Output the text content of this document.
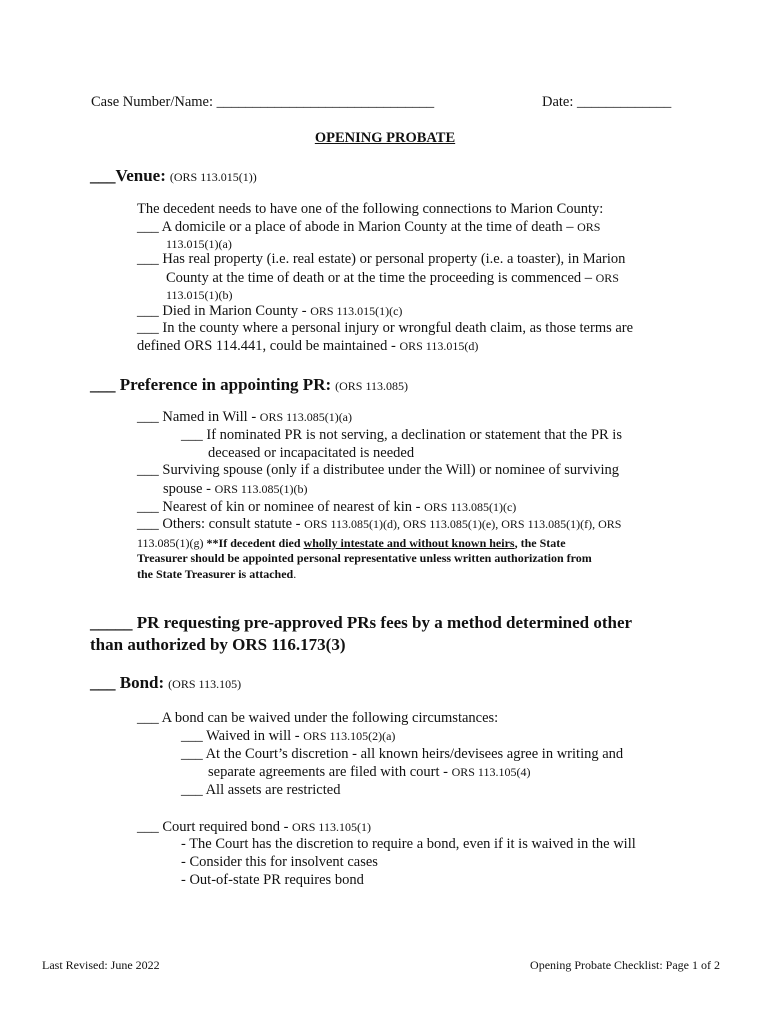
Case Number/Name: ______________________________	Date: _____________
OPENING PROBATE
___Venue: (ORS 113.015(1))
The decedent needs to have one of the following connections to Marion County:
___ A domicile or a place of abode in Marion County at the time of death – ORS
113.015(1)(a)
___ Has real property (i.e. real estate) or personal property (i.e. a toaster), in Marion
County at the time of death or at the time the proceeding is commenced – ORS
113.015(1)(b)
___ Died in Marion County - ORS 113.015(1)(c)
___ In the county where a personal injury or wrongful death claim, as those terms are
defined ORS 114.441, could be maintained - ORS 113.015(d)
___ Preference in appointing PR: (ORS 113.085)
___ Named in Will - ORS 113.085(1)(a)
___ If nominated PR is not serving, a declination or statement that the PR is
deceased or incapacitated is needed
___ Surviving spouse (only if a distributee under the Will) or nominee of surviving
spouse - ORS 113.085(1)(b)
___ Nearest of kin or nominee of nearest of kin - ORS 113.085(1)(c)
___ Others: consult statute - ORS 113.085(1)(d), ORS 113.085(1)(e), ORS 113.085(1)(f), ORS
113.085(1)(g) **If decedent died wholly intestate and without known heirs, the State
Treasurer should be appointed personal representative unless written authorization from
the State Treasurer is attached.
_____ PR requesting pre-approved PRs fees by a method determined other
than authorized by ORS 116.173(3)
___ Bond: (ORS 113.105)
___ A bond can be waived under the following circumstances:
___ Waived in will - ORS 113.105(2)(a)
___ At the Court’s discretion - all known heirs/devisees agree in writing and
separate agreements are filed with court - ORS 113.105(4)
___ All assets are restricted
___ Court required bond - ORS 113.105(1)
- The Court has the discretion to require a bond, even if it is waived in the will
- Consider this for insolvent cases
- Out-of-state PR requires bond
Last Revised: June 2022	Opening Probate Checklist: Page 1 of 2
